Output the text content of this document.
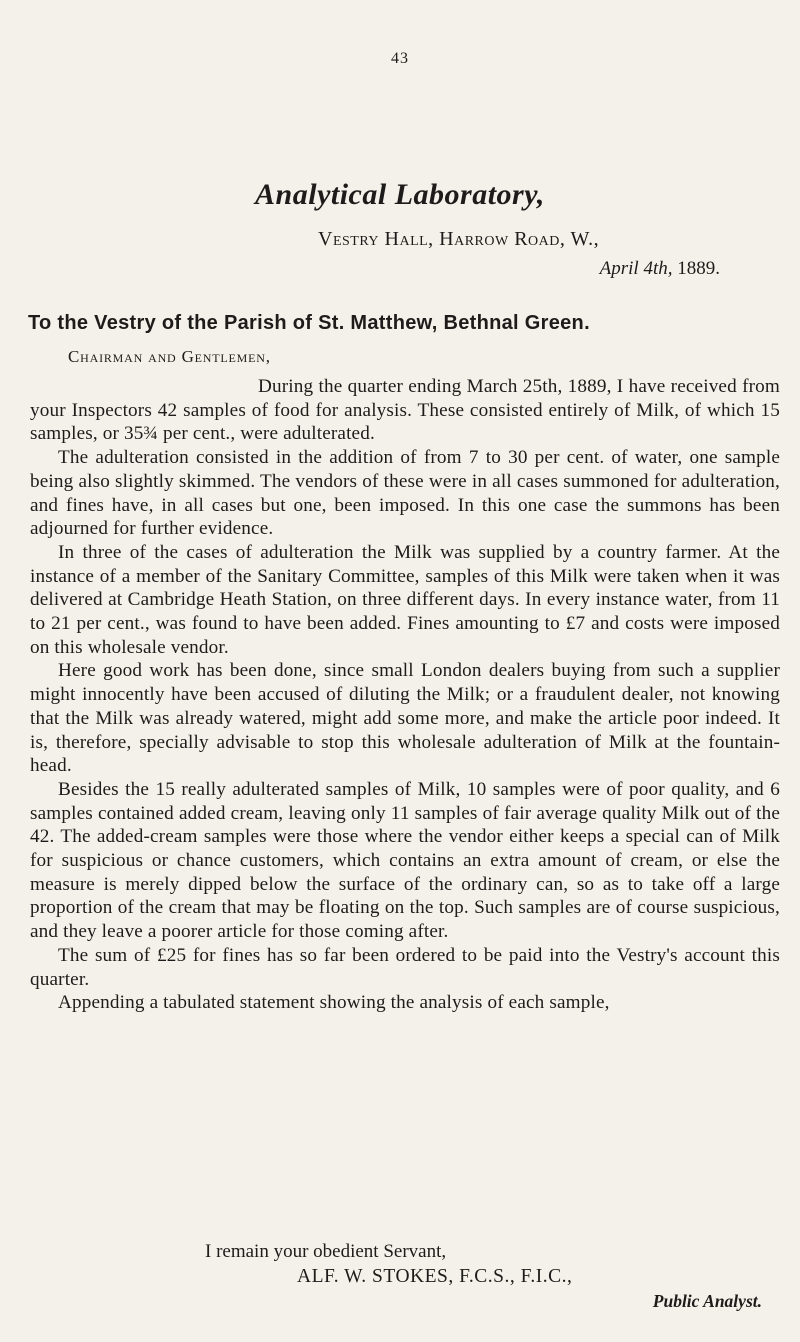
43
Analytical Laboratory,
Vestry Hall, Harrow Road, W.,
April 4th, 1889.
To the Vestry of the Parish of St. Matthew, Bethnal Green.
Chairman and Gentlemen,

During the quarter ending March 25th, 1889, I have received from your Inspectors 42 samples of food for analysis. These consisted entirely of Milk, of which 15 samples, or 35¾ per cent., were adulterated.

The adulteration consisted in the addition of from 7 to 30 per cent. of water, one sample being also slightly skimmed. The vendors of these were in all cases summoned for adulteration, and fines have, in all cases but one, been imposed. In this one case the summons has been adjourned for further evidence.

In three of the cases of adulteration the Milk was supplied by a country farmer. At the instance of a member of the Sanitary Committee, samples of this Milk were taken when it was delivered at Cambridge Heath Station, on three different days. In every instance water, from 11 to 21 per cent., was found to have been added. Fines amounting to £7 and costs were imposed on this wholesale vendor.

Here good work has been done, since small London dealers buying from such a supplier might innocently have been accused of diluting the Milk; or a fraudulent dealer, not knowing that the Milk was already watered, might add some more, and make the article poor indeed. It is, therefore, specially advisable to stop this wholesale adulteration of Milk at the fountain-head.

Besides the 15 really adulterated samples of Milk, 10 samples were of poor quality, and 6 samples contained added cream, leaving only 11 samples of fair average quality Milk out of the 42. The added-cream samples were those where the vendor either keeps a special can of Milk for suspicious or chance customers, which contains an extra amount of cream, or else the measure is merely dipped below the surface of the ordinary can, so as to take off a large proportion of the cream that may be floating on the top. Such samples are of course suspicious, and they leave a poorer article for those coming after.

The sum of £25 for fines has so far been ordered to be paid into the Vestry's account this quarter.

Appending a tabulated statement showing the analysis of each sample,

I remain your obedient Servant,
ALF. W. STOKES, F.C.S., F.I.C.,
Public Analyst.
